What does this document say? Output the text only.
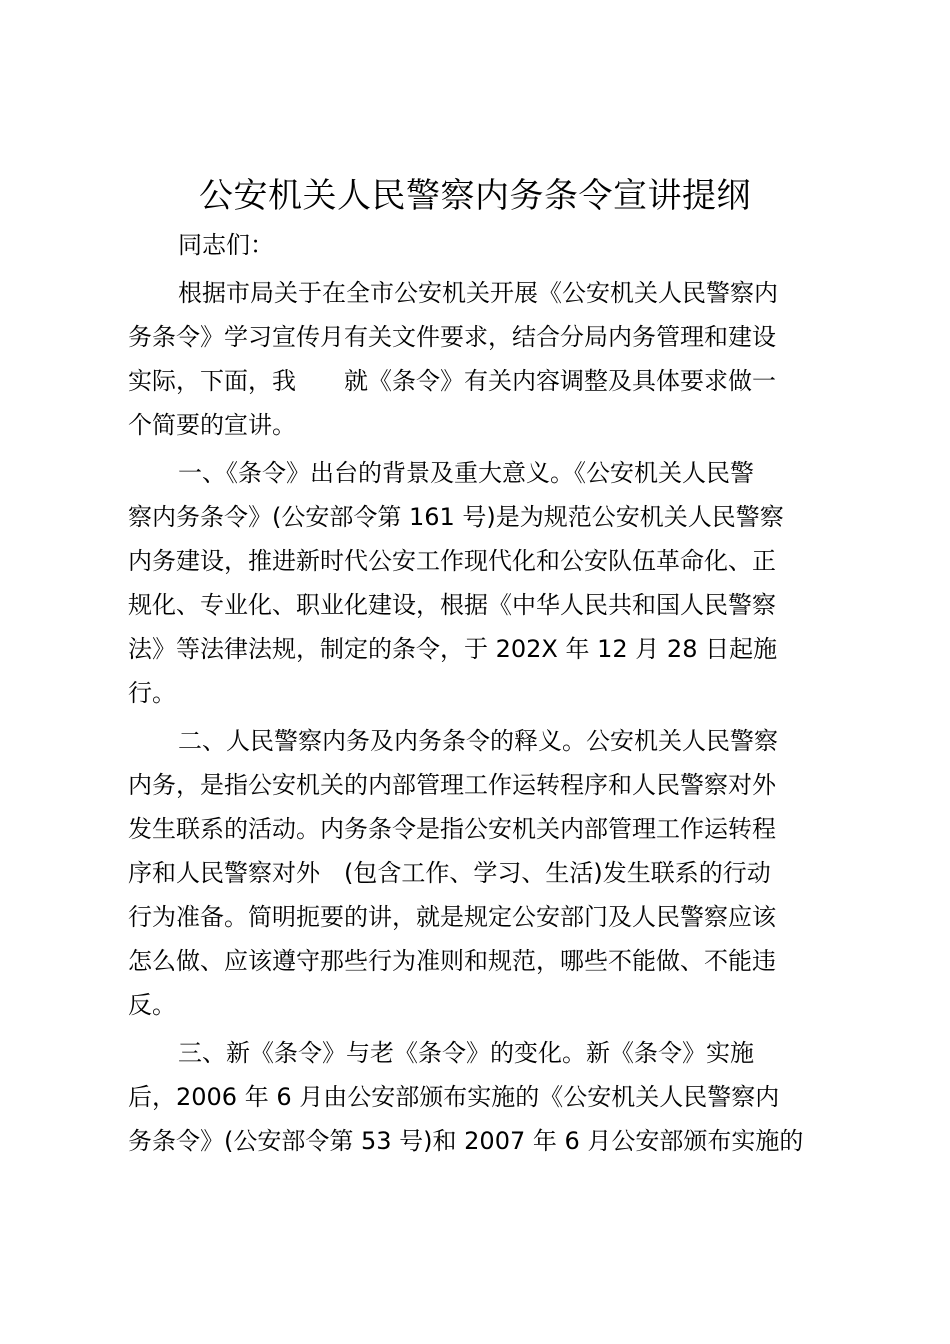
公安机关人民警察内务条令宣讲提纲
同志们：
根据市局关于在全市公安机关开展《公安机关人民警察内
务条令》学习宣传月有关文件要求，结合分局内务管理和建设
实际，下面，我　　就《条令》有关内容调整及具体要求做一
个简要的宣讲。
一、《条令》出台的背景及重大意义。《公安机关人民警
察内务条令》(公安部令第 161 号)是为规范公安机关人民警察
内务建设，推进新时代公安工作现代化和公安队伍革命化、正
规化、专业化、职业化建设，根据《中华人民共和国人民警察
法》等法律法规，制定的条令，于 202X 年 12 月 28 日起施
行。
二、人民警察内务及内务条令的释义。公安机关人民警察
内务，是指公安机关的内部管理工作运转程序和人民警察对外
发生联系的活动。内务条令是指公安机关内部管理工作运转程
序和人民警察对外　(包含工作、学习、生活)发生联系的行动
行为准备。简明扼要的讲，就是规定公安部门及人民警察应该
怎么做、应该遵守那些行为准则和规范，哪些不能做、不能违
反。
三、新《条令》与老《条令》的变化。新《条令》实施
后，2006 年 6 月由公安部颁布实施的《公安机关人民警察内
务条令》(公安部令第 53 号)和 2007 年 6 月公安部颁布实施的
